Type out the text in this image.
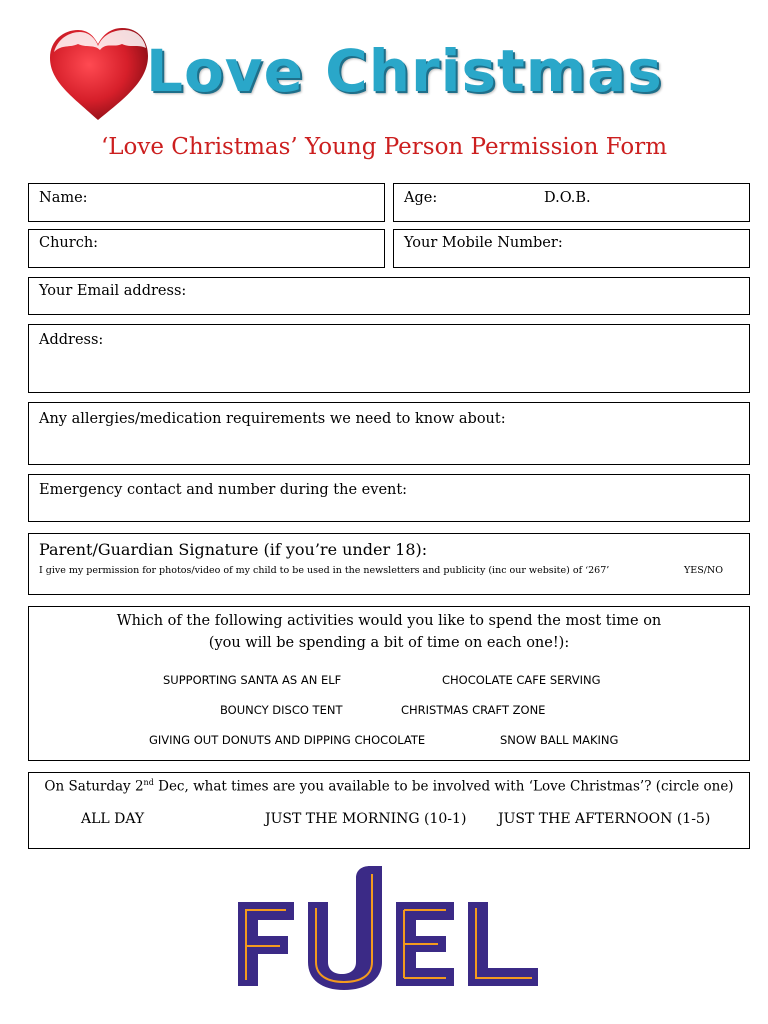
Love Christmas
‘Love Christmas’ Young Person Permission Form
Name:	Age:	D.O.B.
Church:	Your Mobile Number:
Your Email address:
Address:
Any allergies/medication requirements we need to know about:
Emergency contact and number during the event:
Parent/Guardian Signature (if you’re under 18):
I give my permission for photos/video of my child to be used in the newsletters and publicity (inc our website) of ‘267’	YES/NO
Which of the following activities would you like to spend the most time on
(you will be spending a bit of time on each one!):
SUPPORTING SANTA AS AN ELF	CHOCOLATE CAFE SERVING
BOUNCY DISCO TENT	CHRISTMAS CRAFT ZONE
GIVING OUT DONUTS AND DIPPING CHOCOLATE	SNOW BALL MAKING
On Saturday 2nd Dec, what times are you available to be involved with ‘Love Christmas’? (circle one)
ALL DAY	JUST THE MORNING (10-1) JUST THE AFTERNOON (1-5)
FUEL
